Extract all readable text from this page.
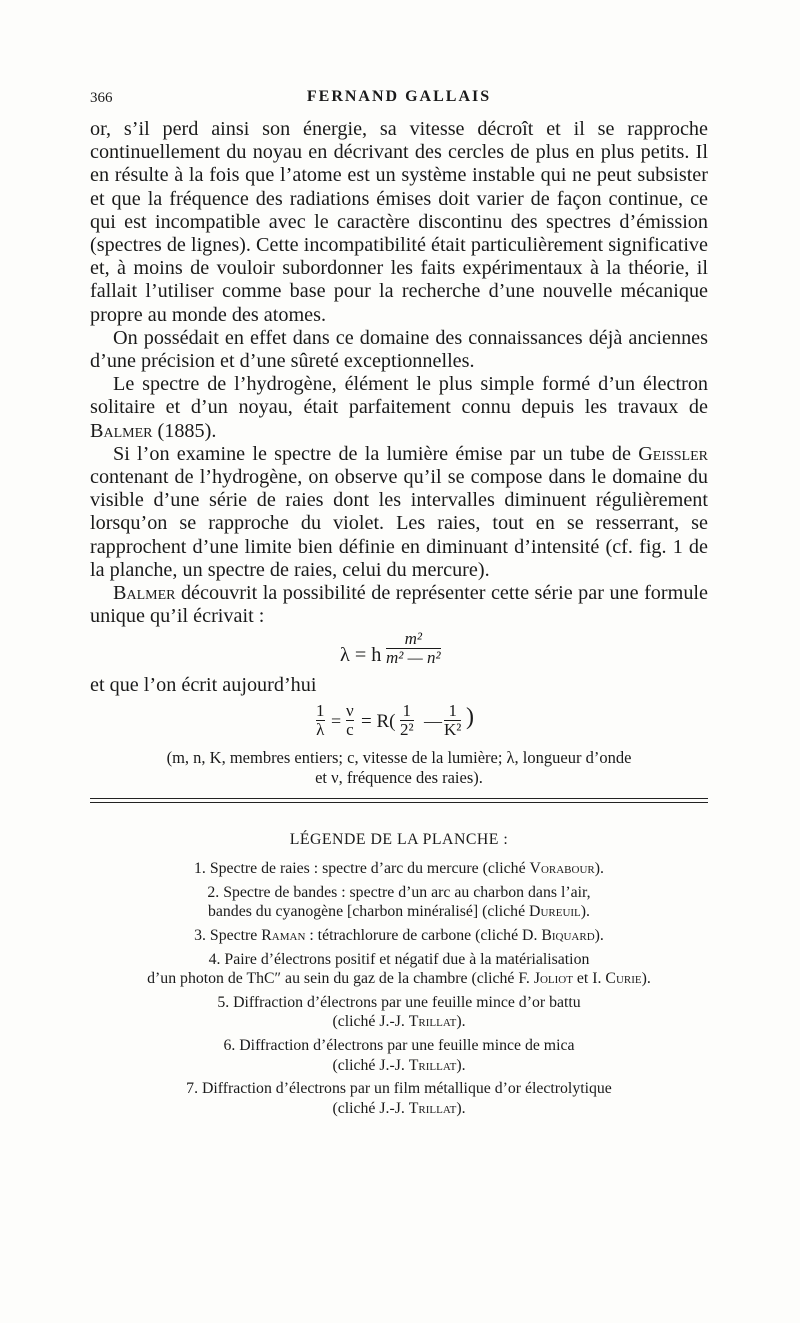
366	FERNAND GALLAIS

or, s’il perd ainsi son énergie, sa vitesse décroît et il se rapproche continuellement du noyau en décrivant des cercles de plus en plus petits. Il en résulte à la fois que l’atome est un système instable qui ne peut subsister et que la fréquence des radiations émises doit varier de façon continue, ce qui est incompatible avec le caractère discontinu des spectres d’émission (spectres de lignes). Cette incompatibilité était particulièrement significative et, à moins de vouloir subordonner les faits expérimentaux à la théorie, il fallait l’utiliser comme base pour la recherche d’une nouvelle mécanique propre au monde des atomes.

On possédait en effet dans ce domaine des connaissances déjà anciennes d’une précision et d’une sûreté exceptionnelles.

Le spectre de l’hydrogène, élément le plus simple formé d’un électron solitaire et d’un noyau, était parfaitement connu depuis les travaux de Balmer (1885).

Si l’on examine le spectre de la lumière émise par un tube de Geissler contenant de l’hydrogène, on observe qu’il se compose dans le domaine du visible d’une série de raies dont les intervalles diminuent régulièrement lorsqu’on se rapproche du violet. Les raies, tout en se resserrant, se rapprochent d’une limite bien définie en diminuant d’intensité (cf. fig. 1 de la planche, un spectre de raies, celui du mercure).

Balmer découvrit la possibilité de représenter cette série par une formule unique qu’il écrivait :

λ = h $\frac{\text{m²}}{\text{m² — n²}}$

et que l’on écrit aujourd’hui

$\frac{1}{\lambda} = \frac{\nu}{c} = R( \frac{1}{\text{2²}}$ — $\frac{1}{\text{K²}}$ )
(m, n, K, membres entiers; c, vitesse de la lumière; λ, longueur d’onde
et ν, fréquence des raies).
LÉGENDE DE LA PLANCHE :
1. Spectre de raies : spectre d’arc du mercure (cliché Vorabour).
2. Spectre de bandes : spectre d’un arc au charbon dans l’air,
bandes du cyanogène [charbon minéralisé] (cliché Dureuil).
3. Spectre Raman : tétrachlorure de carbone (cliché D. Biquard).
4. Paire d’électrons positif et négatif due à la matérialisation
d’un photon de ThC″ au sein du gaz de la chambre (cliché F. Joliot et I. Curie).
5. Diffraction d’électrons par une feuille mince d’or battu
(cliché J.-J. Trillat).
6. Diffraction d’électrons par une feuille mince de mica
(cliché J.-J. Trillat).
7. Diffraction d’électrons par un film métallique d’or électrolytique
(cliché J.-J. Trillat).
